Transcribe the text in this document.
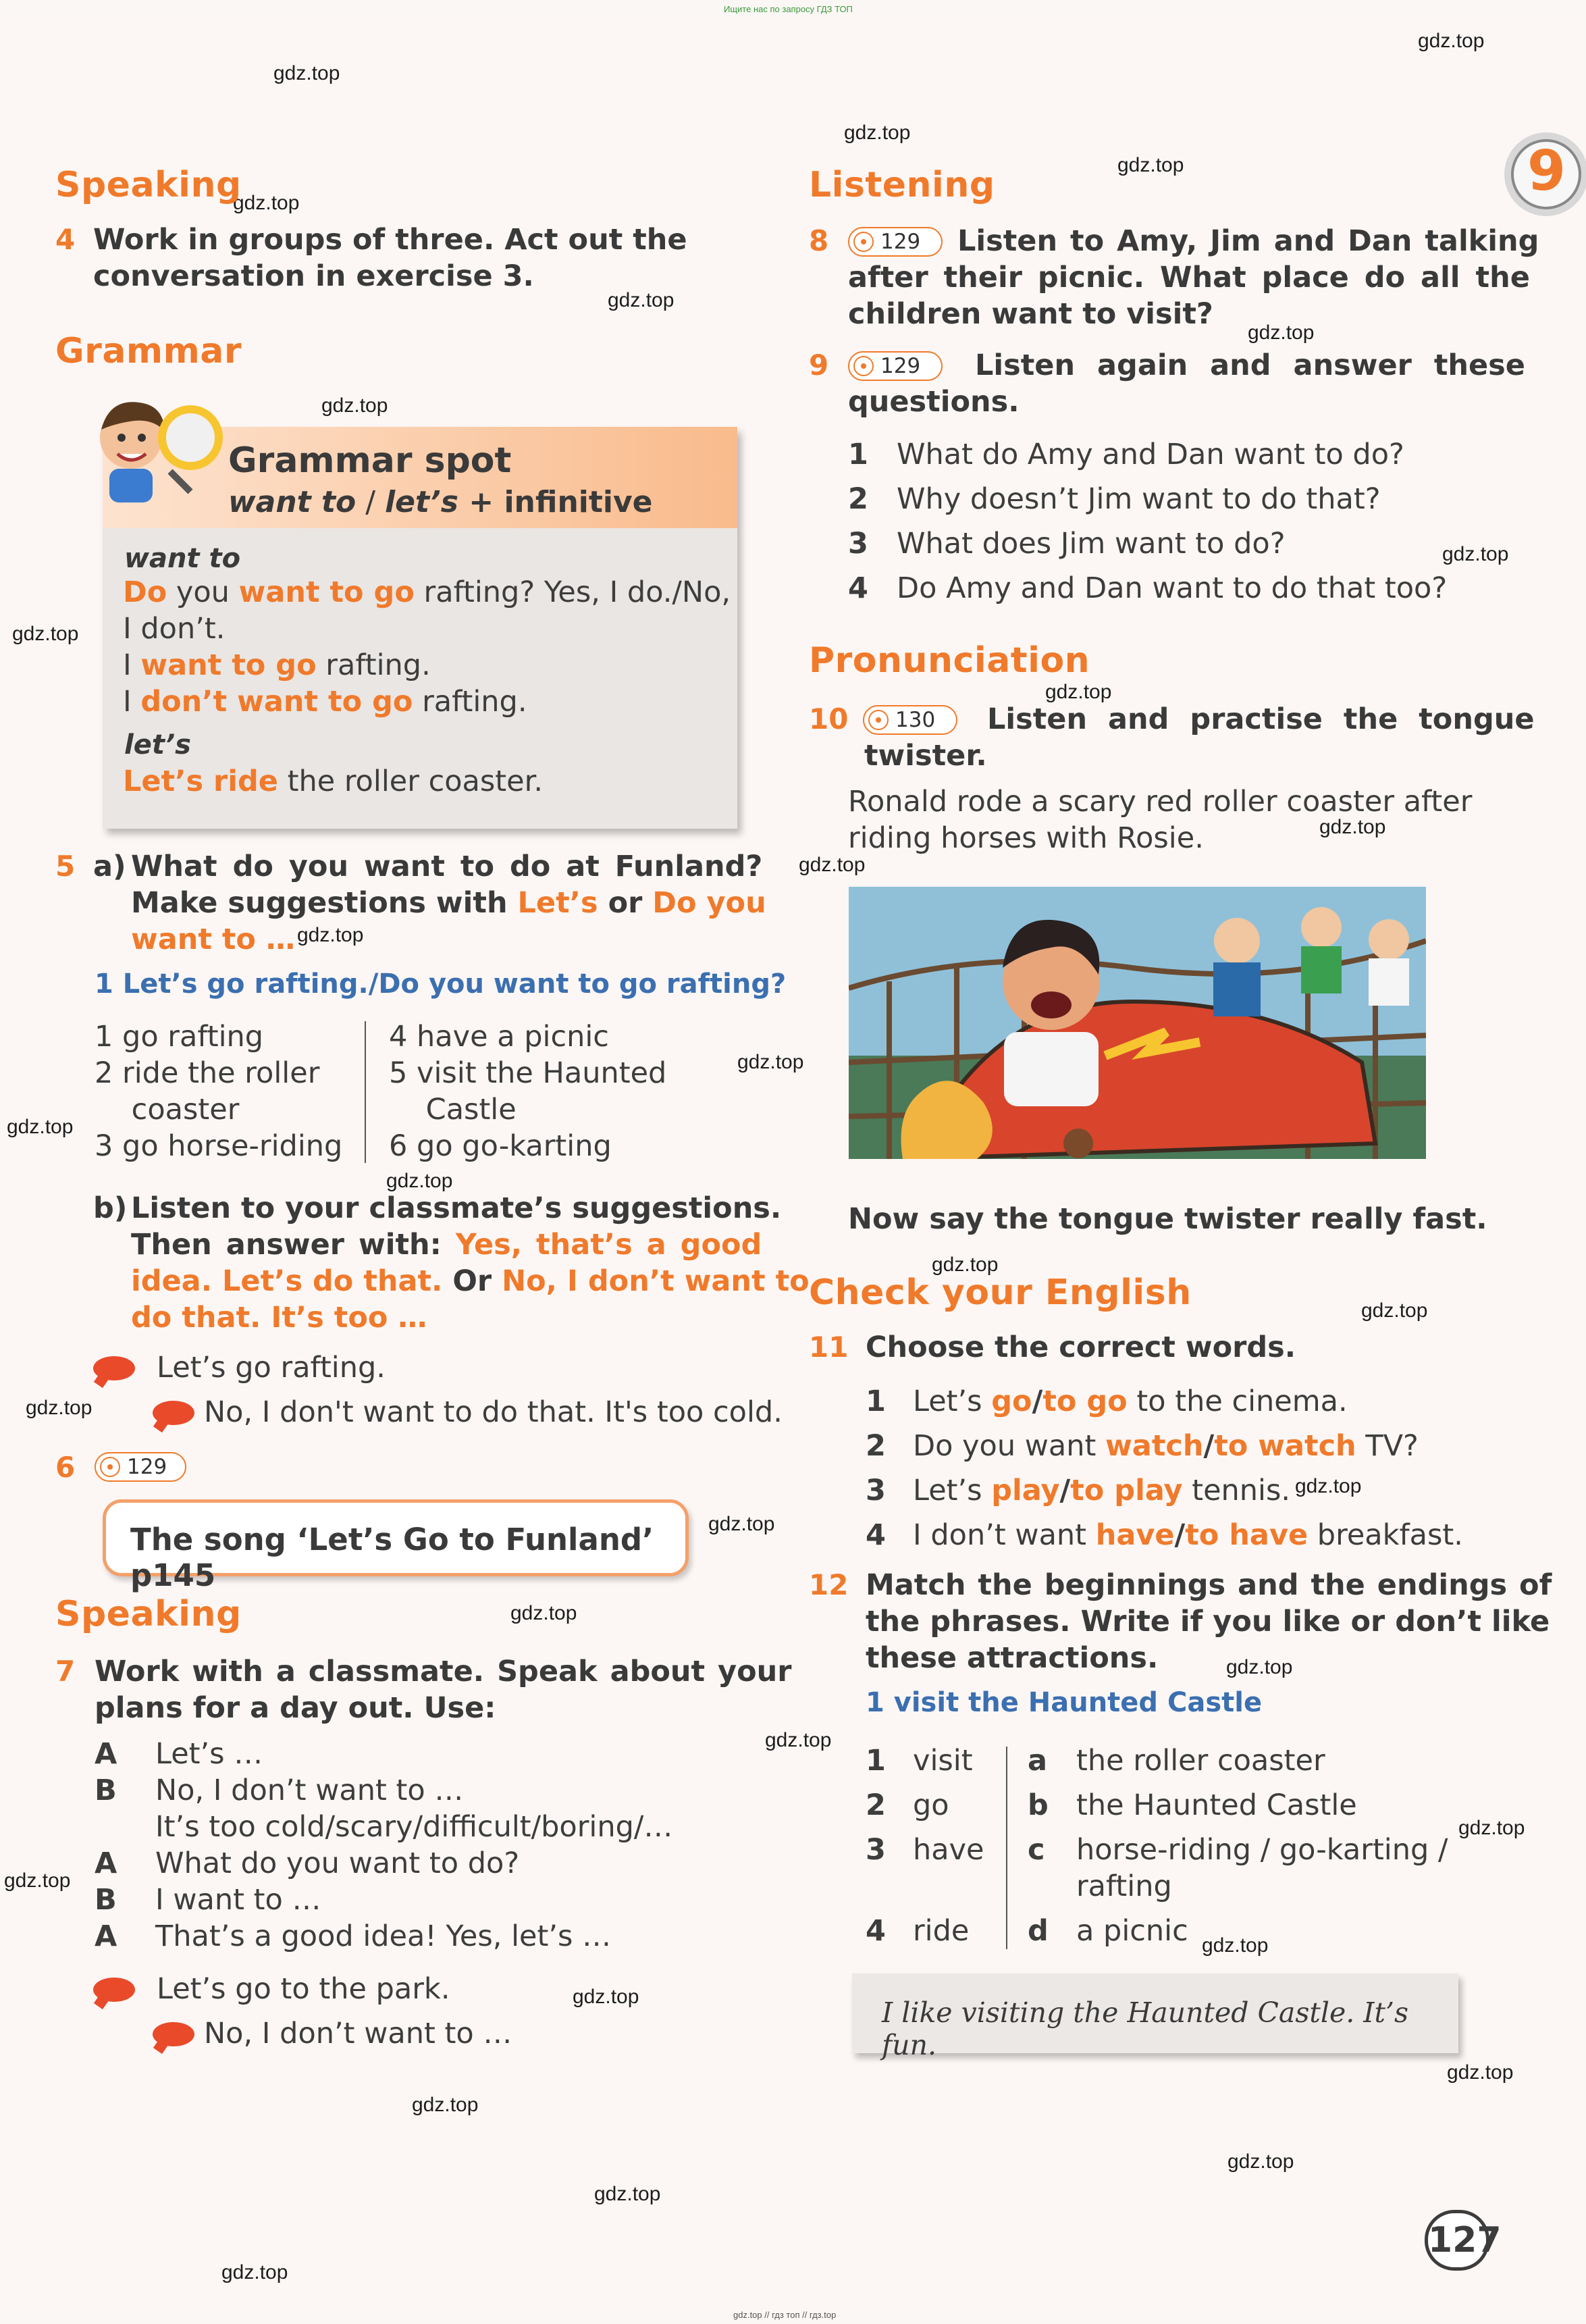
Ищите нас по запросу ГДЗ ТОП
gdz.top
gdz.top
gdz.top
gdz.top
gdz.top
gdz.top
gdz.top
gdz.top
gdz.top
gdz.top
gdz.top
gdz.top
gdz.top
gdz.top
gdz.top
gdz.top
gdz.top
gdz.top
gdz.top
gdz.top
gdz.top
gdz.top
gdz.top
gdz.top
gdz.top
gdz.top
gdz.top
gdz.top
gdz.top
gdz.top
gdz.top
gdz.top
gdz.top
gdz.top
9
Speaking
4 Work in groups of three. Act out the
conversation in exercise 3.
Grammar
Grammar spot
want to / let’s + infinitive
want to
Do you want to go rafting? Yes, I do./No,
I don’t.
I want to go rafting.
I don’t want to go rafting.
let’s
Let’s ride the roller coaster.
5 a) What do you want to do at Funland?
Make suggestions with Let’s or Do you
want to …
1 Let’s go rafting./Do you want to go rafting?
1 go rafting
2 ride the roller
coaster
3 go horse-riding
4 have a picnic
5 visit the Haunted
Castle
6 go go-karting
b) Listen to your classmate’s suggestions.
Then answer with: Yes, that’s a good
idea. Let’s do that. Or No, I don’t want to
do that. It’s too …
Let’s go rafting.
No, I don't want to do that. It's too cold.
6 129
The song ‘Let’s Go to Funland’ p145
Speaking
7 Work with a classmate. Speak about your
plans for a day out. Use:
A Let’s …
B No, I don’t want to …
It’s too cold/scary/difficult/boring/…
A What do you want to do?
B I want to …
A That’s a good idea! Yes, let’s …
Let’s go to the park.
No, I don’t want to …
Listening
8 129 Listen to Amy, Jim and Dan talking
after their picnic. What place do all the
children want to visit?
9 129 Listen again and answer these
questions.
1 What do Amy and Dan want to do?
2 Why doesn’t Jim want to do that?
3 What does Jim want to do?
4 Do Amy and Dan want to do that too?
Pronunciation
10 130 Listen and practise the tongue
twister.
Ronald rode a scary red roller coaster after
riding horses with Rosie.
Now say the tongue twister really fast.
Check your English
11 Choose the correct words.
1 Let’s go/to go to the cinema.
2 Do you want watch/to watch TV?
3 Let’s play/to play tennis.
4 I don’t want have/to have breakfast.
12 Match the beginnings and the endings of
the phrases. Write if you like or don’t like
these attractions.
1 visit the Haunted Castle
1 visit
2 go
3 have
4 ride
a the roller coaster
b the Haunted Castle
c horse-riding / go-karting /
rafting
d a picnic
I like visiting the Haunted Castle. It’s fun.
127
gdz.top // гдз топ // гдз.top
